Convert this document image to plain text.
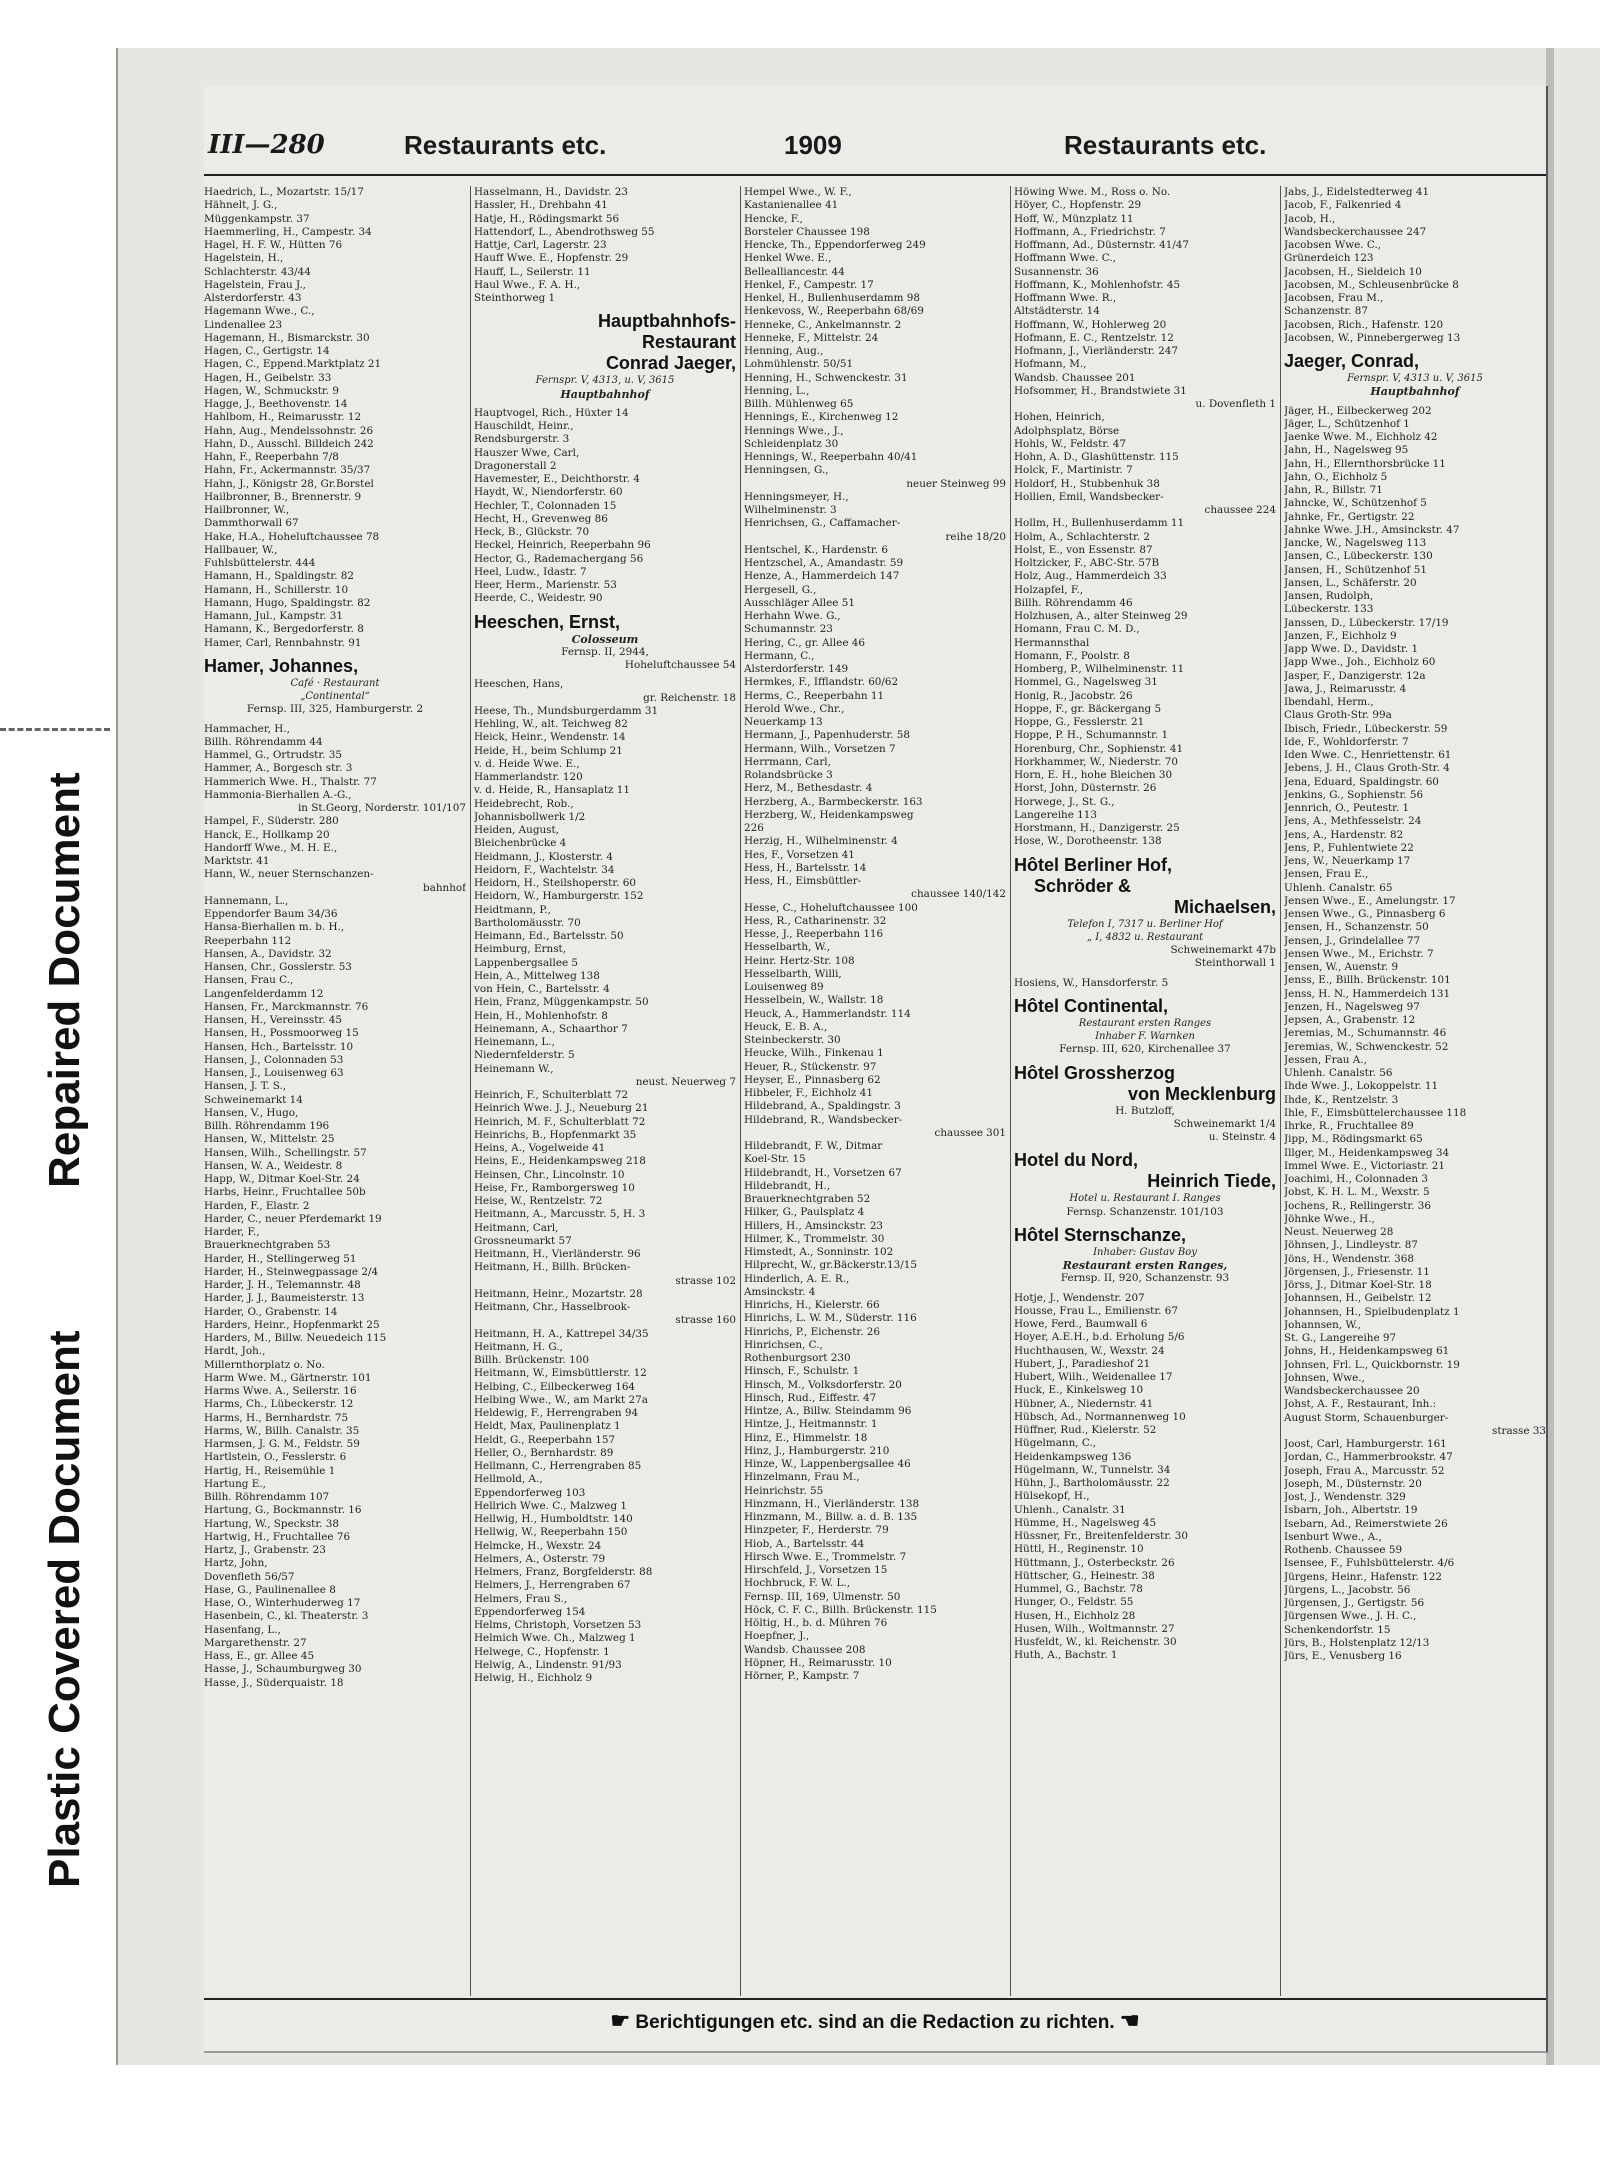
Repaired Document
Plastic Covered Document
III—280	Restaurants etc.	1909	Restaurants etc.
Haedrich, L., Mozartstr. 15/17
Hähnelt, J. G.,
Müggenkampstr. 37
Haemmerling, H., Campestr. 34
Hagel, H. F. W., Hütten 76
Hagelstein, H.,
Schlachterstr. 43/44
Hagelstein, Frau J.,
Alsterdorferstr. 43
Hagemann Wwe., C.,
Lindenallee 23
Hagemann, H., Bismarckstr. 30
Hagen, C., Gertigstr. 14
Hagen, C., Eppend.Marktplatz 21
Hagen, H., Geibelstr. 33
Hagen, W., Schmuckstr. 9
Hagge, J., Beethovenstr. 14
Hahlbom, H., Reimarusstr. 12
Hahn, Aug., Mendelssohnstr. 26
Hahn, D., Ausschl. Billdeich 242
Hahn, F., Reeperbahn 7/8
Hahn, Fr., Ackermannstr. 35/37
Hahn, J., Königstr 28, Gr.Borstel
Hailbronner, B., Brennerstr. 9
Hailbronner, W.,
Dammthorwall 67
Hake, H.A., Hoheluftchaussee 78
Hallbauer, W.,
Fuhlsbüttelerstr. 444
Hamann, H., Spaldingstr. 82
Hamann, H., Schillerstr. 10
Hamann, Hugo, Spaldingstr. 82
Hamann, Jul., Kampstr. 31
Hamann, K., Bergedorferstr. 8
Hamer, Carl, Rennbahnstr. 91
Hamer, Johannes,
Café · Restaurant
„Continental“
Fernsp. III, 325, Hamburgerstr. 2
Hammacher, H.,
Billh. Röhrendamm 44
Hammel, G., Ortrudstr. 35
Hammer, A., Borgesch str. 3
Hammerich Wwe. H., Thalstr. 77
Hammonia-Bierhallen A.-G.,
in St.Georg, Norderstr. 101/107
Hampel, F., Süderstr. 280
Hanck, E., Hollkamp 20
Handorff Wwe., M. H. E.,
Marktstr. 41
Hann, W., neuer Sternschanzen-
bahnhof
Hannemann, L.,
Eppendorfer Baum 34/36
Hansa-Bierhallen m. b. H.,
Reeperbahn 112
Hansen, A., Davidstr. 32
Hansen, Chr., Gosslerstr. 53
Hansen, Frau C.,
Langenfelderdamm 12
Hansen, Fr., Marckmannstr. 76
Hansen, H., Vereinsstr. 45
Hansen, H., Possmoorweg 15
Hansen, Hch., Bartelsstr. 10
Hansen, J., Colonnaden 53
Hansen, J., Louisenweg 63
Hansen, J. T. S.,
Schweinemarkt 14
Hansen, V., Hugo,
Billh. Röhrendamm 196
Hansen, W., Mittelstr. 25
Hansen, Wilh., Schellingstr. 57
Hansen, W. A., Weidestr. 8
Happ, W., Ditmar Koel-Str. 24
Harbs, Heinr., Fruchtallee 50b
Harden, F., Elastr. 2
Harder, C., neuer Pferdemarkt 19
Harder, F.,
Brauerknechtgraben 53
Harder, H., Stellingerweg 51
Harder, H., Steinwegpassage 2/4
Harder, J. H., Telemannstr. 48
Harder, J. J., Baumeisterstr. 13
Harder, O., Grabenstr. 14
Harders, Heinr., Hopfenmarkt 25
Harders, M., Billw. Neuedeich 115
Hardt, Joh.,
Millernthorplatz o. No.
Harm Wwe. M., Gärtnerstr. 101
Harms Wwe. A., Seilerstr. 16
Harms, Ch., Lübeckerstr. 12
Harms, H., Bernhardstr. 75
Harms, W., Billh. Canalstr. 35
Harmsen, J. G. M., Feldstr. 59
Hartlstein, O., Fesslerstr. 6
Hartig, H., Reisemühle 1
Hartung E.,
Billh. Röhrendamm 107
Hartung, G., Bockmannstr. 16
Hartung, W., Speckstr. 38
Hartwig, H., Fruchtallee 76
Hartz, J., Grabenstr. 23
Hartz, John,
Dovenfleth 56/57
Hase, G., Paulinenallee 8
Hase, O., Winterhuderweg 17
Hasenbein, C., kl. Theaterstr. 3
Hasenfang, L.,
Margarethenstr. 27
Hass, E., gr. Allee 45
Hasse, J., Schaumburgweg 30
Hasse, J., Süderquaistr. 18
Hasselmann, H., Davidstr. 23
Hassler, H., Drehbahn 41
Hatje, H., Rödingsmarkt 56
Hattendorf, L., Abendrothsweg 55
Hattje, Carl, Lagerstr. 23
Hauff Wwe. E., Hopfenstr. 29
Hauff, L., Seilerstr. 11
Haul Wwe., F. A. H.,
Steinthorweg 1
Hauptbahnhofs-
Restaurant
Conrad Jaeger,
Fernspr. V, 4313, u. V, 3615
Hauptbahnhof
Hauptvogel, Rich., Hüxter 14
Hauschildt, Heinr.,
Rendsburgerstr. 3
Hauszer Wwe, Carl,
Dragonerstall 2
Havemester, E., Deichthorstr. 4
Haydt, W., Niendorferstr. 60
Hechler, T., Colonnaden 15
Hecht, H., Grevenweg 86
Heck, B., Glückstr. 70
Heckel, Heinrich, Reeperbahn 96
Hector, G., Rademachergang 56
Heel, Ludw., Idastr. 7
Heer, Herm., Marienstr. 53
Heerde, C., Weidestr. 90
Heeschen, Ernst,
Colosseum
Fernsp. II, 2944,
Hoheluftchaussee 54
Heeschen, Hans,
gr. Reichenstr. 18
Heese, Th., Mundsburgerdamm 31
Hehling, W., alt. Teichweg 82
Heick, Heinr., Wendenstr. 14
Heide, H., beim Schlump 21
v. d. Heide Wwe. E.,
Hammerlandstr. 120
v. d. Heide, R., Hansaplatz 11
Heidebrecht, Rob.,
Johannisbollwerk 1/2
Heiden, August,
Bleichenbrücke 4
Heidmann, J., Klosterstr. 4
Heidorn, F., Wachtelstr. 34
Heidorn, H., Steilshoperstr. 60
Heidorn, W., Hamburgerstr. 152
Heidtmann, P.,
Bartholomäusstr. 70
Heimann, Ed., Bartelsstr. 50
Heimburg, Ernst,
Lappenbergsallee 5
Hein, A., Mittelweg 138
von Hein, C., Bartelsstr. 4
Hein, Franz, Müggenkampstr. 50
Hein, H., Mohlenhofstr. 8
Heinemann, A., Schaarthor 7
Heinemann, L.,
Niedernfelderstr. 5
Heinemann W.,
neust. Neuerweg 7
Heinrich, F., Schulterblatt 72
Heinrich Wwe. J. J., Neueburg 21
Heinrich, M. F., Schulterblatt 72
Heinrichs, B., Hopfenmarkt 35
Heins, A., Vogelweide 41
Heins, E., Heidenkampsweg 218
Heinsen, Chr., Lincolnstr. 10
Heise, Fr., Ramborgersweg 10
Heise, W., Rentzelstr. 72
Heitmann, A., Marcusstr. 5, H. 3
Heitmann, Carl,
Grossneumarkt 57
Heitmann, H., Vierländerstr. 96
Heitmann, H., Billh. Brücken-
strasse 102
Heitmann, Heinr., Mozartstr. 28
Heitmann, Chr., Hasselbrook-
strasse 160
Heitmann, H. A., Kattrepel 34/35
Heitmann, H. G.,
Billh. Brückenstr. 100
Heitmann, W., Eimsbüttlerstr. 12
Helbing, C., Eilbeckerweg 164
Helbing Wwe., W., am Markt 27a
Heldewig, F., Herrengraben 94
Heldt, Max, Paulinenplatz 1
Heldt, G., Reeperbahn 157
Heller, O., Bernhardstr. 89
Hellmann, C., Herrengraben 85
Hellmold, A.,
Eppendorferweg 103
Hellrich Wwe. C., Malzweg 1
Hellwig, H., Humboldtstr. 140
Hellwig, W., Reeperbahn 150
Helmcke, H., Wexstr. 24
Helmers, A., Osterstr. 79
Helmers, Franz, Borgfelderstr. 88
Helmers, J., Herrengraben 67
Helmers, Frau S.,
Eppendorferweg 154
Helms, Christoph, Vorsetzen 53
Helmich Wwe. Ch., Malzweg 1
Helwege, C., Hopfenstr. 1
Helwig, A., Lindenstr. 91/93
Helwig, H., Eichholz 9
Hempel Wwe., W. F.,
Kastanienallee 41
Hencke, F.,
Borsteler Chaussee 198
Hencke, Th., Eppendorferweg 249
Henkel Wwe. E.,
Bellealliancestr. 44
Henkel, F., Campestr. 17
Henkel, H., Bullenhuserdamm 98
Henkevoss, W., Reeperbahn 68/69
Henneke, C., Ankelmannstr. 2
Henneke, F., Mittelstr. 24
Henning, Aug.,
Lohmühlenstr. 50/51
Henning, H., Schwenckestr. 31
Henning, L.,
Billh. Mühlenweg 65
Hennings, E., Kirchenweg 12
Hennings Wwe., J.,
Schleidenplatz 30
Hennings, W., Reeperbahn 40/41
Henningsen, G.,
neuer Steinweg 99
Henningsmeyer, H.,
Wilhelminenstr. 3
Henrichsen, G., Caffamacher-
reihe 18/20
Hentschel, K., Hardenstr. 6
Hentzschel, A., Amandastr. 59
Henze, A., Hammerdeich 147
Hergesell, G.,
Ausschläger Allee 51
Herhahn Wwe. G.,
Schumannstr. 23
Hering, C., gr. Allee 46
Hermann, C.,
Alsterdorferstr. 149
Hermkes, F., Ifflandstr. 60/62
Herms, C., Reeperbahn 11
Herold Wwe., Chr.,
Neuerkamp 13
Hermann, J., Papenhuderstr. 58
Hermann, Wilh., Vorsetzen 7
Herrmann, Carl,
Rolandsbrücke 3
Herz, M., Bethesdastr. 4
Herzberg, A., Barmbeckerstr. 163
Herzberg, W., Heidenkampsweg
226
Herzig, H., Wilhelminenstr. 4
Hes, F., Vorsetzen 41
Hess, H., Bartelsstr. 14
Hess, H., Eimsbüttler-
chaussee 140/142
Hesse, C., Hoheluftchaussee 100
Hess, R., Catharinenstr. 32
Hesse, J., Reeperbahn 116
Hesselbarth, W.,
Heinr. Hertz-Str. 108
Hesselbarth, Willi,
Louisenweg 89
Hesselbein, W., Wallstr. 18
Heuck, A., Hammerlandstr. 114
Heuck, E. B. A.,
Steinbeckerstr. 30
Heucke, Wilh., Finkenau 1
Heuer, R., Stückenstr. 97
Heyser, E., Pinnasberg 62
Hibbeler, F., Eichholz 41
Hildebrand, A., Spaldingstr. 3
Hildebrand, R., Wandsbecker-
chaussee 301
Hildebrandt, F. W., Ditmar
Koel-Str. 15
Hildebrandt, H., Vorsetzen 67
Hildebrandt, H.,
Brauerknechtgraben 52
Hilker, G., Paulsplatz 4
Hillers, H., Amsinckstr. 23
Hilmer, K., Trommelstr. 30
Himstedt, A., Sonninstr. 102
Hilprecht, W., gr.Bäckerstr.13/15
Hinderlich, A. E. R.,
Amsinckstr. 4
Hinrichs, H., Kielerstr. 66
Hinrichs, L. W. M., Süderstr. 116
Hinrichs, P., Eichenstr. 26
Hinrichsen, C.,
Rothenburgsort 230
Hinsch, F., Schulstr. 1
Hinsch, M., Volksdorferstr. 20
Hinsch, Rud., Eiffestr. 47
Hintze, A., Billw. Steindamm 96
Hintze, J., Heitmannstr. 1
Hinz, E., Himmelstr. 18
Hinz, J., Hamburgerstr. 210
Hinze, W., Lappenbergsallee 46
Hinzelmann, Frau M.,
Heinrichstr. 55
Hinzmann, H., Vierländerstr. 138
Hinzmann, M., Billw. a. d. B. 135
Hinzpeter, F., Herderstr. 79
Hiob, A., Bartelsstr. 44
Hirsch Wwe. E., Trommelstr. 7
Hirschfeld, J., Vorsetzen 15
Hochbruck, F. W. L.,
Fernsp. III, 169, Ulmenstr. 50
Höck, C. F. C., Billh. Brückenstr. 115
Höltig, H., b. d. Mühren 76
Hoepfner, J.,
Wandsb. Chaussee 208
Höpner, H., Reimarusstr. 10
Hörner, P., Kampstr. 7
Höwing Wwe. M., Ross o. No.
Höyer, C., Hopfenstr. 29
Hoff, W., Münzplatz 11
Hoffmann, A., Friedrichstr. 7
Hoffmann, Ad., Düsternstr. 41/47
Hoffmann Wwe. C.,
Susannenstr. 36
Hoffmann, K., Mohlenhofstr. 45
Hoffmann Wwe. R.,
Altstädterstr. 14
Hoffmann, W., Hohlerweg 20
Hofmann, E. C., Rentzelstr. 12
Hofmann, J., Vierländerstr. 247
Hofmann, M.,
Wandsb. Chaussee 201
Hofsommer, H., Brandstwiete 31
u. Dovenfleth 1
Hohen, Heinrich,
Adolphsplatz, Börse
Hohls, W., Feldstr. 47
Hohn, A. D., Glashüttenstr. 115
Holck, F., Martinistr. 7
Holdorf, H., Stubbenhuk 38
Hollien, Emil, Wandsbecker-
chaussee 224
Hollm, H., Bullenhuserdamm 11
Holm, A., Schlachterstr. 2
Holst, E., von Essenstr. 87
Holtzicker, F., ABC-Str. 57B
Holz, Aug., Hammerdeich 33
Holzapfel, F.,
Billh. Röhrendamm 46
Holzhusen, A., alter Steinweg 29
Homann, Frau C. M. D.,
Hermannsthal
Homann, F., Poolstr. 8
Homberg, P., Wilhelminenstr. 11
Hommel, G., Nagelsweg 31
Honig, R., Jacobstr. 26
Hoppe, F., gr. Bäckergang 5
Hoppe, G., Fesslerstr. 21
Hoppe, P. H., Schumannstr. 1
Horenburg, Chr., Sophienstr. 41
Horkhammer, W., Niederstr. 70
Horn, E. H., hohe Bleichen 30
Horst, John, Düsternstr. 26
Horwege, J., St. G.,
Langereihe 113
Horstmann, H., Danzigerstr. 25
Hose, W., Dorotheenstr. 138
Hôtel Berliner Hof,
Schröder &
Michaelsen,
Telefon I, 7317 u. Berliner Hof
„ I, 4832 u. Restaurant
Schweinemarkt 47b
Steinthorwall 1
Hosiens, W., Hansdorferstr. 5
Hôtel Continental,
Restaurant ersten Ranges
Inhaber F. Warnken
Fernsp. III, 620, Kirchenallee 37
Hôtel Grossherzog
von Mecklenburg
H. Butzloff,
Schweinemarkt 1/4
u. Steinstr. 4
Hotel du Nord,
Heinrich Tiede,
Hotel u. Restaurant I. Ranges
Fernsp. Schanzenstr. 101/103
Hôtel Sternschanze,
Inhaber: Gustav Boy
Restaurant ersten Ranges,
Fernsp. II, 920, Schanzenstr. 93
Hotje, J., Wendenstr. 207
Housse, Frau L., Emilienstr. 67
Howe, Ferd., Baumwall 6
Hoyer, A.E.H., b.d. Erholung 5/6
Huchthausen, W., Wexstr. 24
Hubert, J., Paradieshof 21
Hubert, Wilh., Weidenallee 17
Huck, E., Kinkelsweg 10
Hübner, A., Niedernstr. 41
Hübsch, Ad., Normannenweg 10
Hüffner, Rud., Kielerstr. 52
Hügelmann, C.,
Heidenkampsweg 136
Hügelmann, W., Tunnelstr. 34
Hühn, J., Bartholomäusstr. 22
Hülsekopf, H.,
Uhlenh., Canalstr. 31
Hümme, H., Nagelsweg 45
Hüssner, Fr., Breitenfelderstr. 30
Hüttl, H., Reginenstr. 10
Hüttmann, J., Osterbeckstr. 26
Hüttscher, G., Heinestr. 38
Hummel, G., Bachstr. 78
Hunger, O., Feldstr. 55
Husen, H., Eichholz 28
Husen, Wilh., Woltmannstr. 27
Husfeldt, W., kl. Reichenstr. 30
Huth, A., Bachstr. 1
Jabs, J., Eidelstedterweg 41
Jacob, F., Falkenried 4
Jacob, H.,
Wandsbeckerchaussee 247
Jacobsen Wwe. C.,
Grünerdeich 123
Jacobsen, H., Sieldeich 10
Jacobsen, M., Schleusenbrücke 8
Jacobsen, Frau M.,
Schanzenstr. 87
Jacobsen, Rich., Hafenstr. 120
Jacobsen, W., Pinnebergerweg 13
Jaeger, Conrad,
Fernspr. V, 4313 u. V, 3615
Hauptbahnhof
Jäger, H., Eilbeckerweg 202
Jäger, L., Schützenhof 1
Jaenke Wwe. M., Eichholz 42
Jahn, H., Nagelsweg 95
Jahn, H., Ellernthorsbrücke 11
Jahn, O., Eichholz 5
Jahn, R., Billstr. 71
Jahncke, W., Schützenhof 5
Jahnke, Fr., Gertigstr. 22
Jahnke Wwe. J.H., Amsinckstr. 47
Jancke, W., Nagelsweg 113
Jansen, C., Lübeckerstr. 130
Jansen, H., Schützenhof 51
Jansen, L., Schäferstr. 20
Jansen, Rudolph,
Lübeckerstr. 133
Janssen, D., Lübeckerstr. 17/19
Janzen, F., Eichholz 9
Japp Wwe. D., Davidstr. 1
Japp Wwe., Joh., Eichholz 60
Jasper, F., Danzigerstr. 12a
Jawa, J., Reimarusstr. 4
Ibendahl, Herm.,
Claus Groth-Str. 99a
Ibisch, Friedr., Lübeckerstr. 59
Ide, F., Wohldorferstr. 7
Iden Wwe. C., Henriettenstr. 61
Jebens, J. H., Claus Groth-Str. 4
Jena, Eduard, Spaldingstr. 60
Jenkins, G., Sophienstr. 56
Jennrich, O., Peutestr. 1
Jens, A., Methfesselstr. 24
Jens, A., Hardenstr. 82
Jens, P., Fuhlentwiete 22
Jens, W., Neuerkamp 17
Jensen, Frau E.,
Uhlenh. Canalstr. 65
Jensen Wwe., E., Amelungstr. 17
Jensen Wwe., G., Pinnasberg 6
Jensen, H., Schanzenstr. 50
Jensen, J., Grindelallee 77
Jensen Wwe., M., Erichstr. 7
Jensen, W., Auenstr. 9
Jenss, E., Billh. Brückenstr. 101
Jenss, H. N., Hammerdeich 131
Jenzen, H., Nagelsweg 97
Jepsen, A., Grabenstr. 12
Jeremias, M., Schumannstr. 46
Jeremias, W., Schwenckestr. 52
Jessen, Frau A.,
Uhlenh. Canalstr. 56
Ihde Wwe. J., Lokoppelstr. 11
Ihde, K., Rentzelstr. 3
Ihle, F., Eimsbüttelerchaussee 118
Ihrke, R., Fruchtallee 89
Jipp, M., Rödingsmarkt 65
Illger, M., Heidenkampsweg 34
Immel Wwe. E., Victoriastr. 21
Joachimi, H., Colonnaden 3
Jobst, K. H. L. M., Wexstr. 5
Jochens, R., Rellingerstr. 36
Jöhnke Wwe., H.,
Neust. Neuerweg 28
Jöhnsen, J., Lindleystr. 87
Jöns, H., Wendenstr. 368
Jörgensen, J., Friesenstr. 11
Jörss, J., Ditmar Koel-Str. 18
Johannsen, H., Geibelstr. 12
Johannsen, H., Spielbudenplatz 1
Johannsen, W.,
St. G., Langereihe 97
Johns, H., Heidenkampsweg 61
Johnsen, Frl. L., Quickbornstr. 19
Johnsen, Wwe.,
Wandsbeckerchaussee 20
Johst, A. F., Restaurant, Inh.:
August Storm, Schauenburger-
strasse 33
Joost, Carl, Hamburgerstr. 161
Jordan, C., Hammerbrookstr. 47
Joseph, Frau A., Marcusstr. 52
Joseph, M., Düsternstr. 20
Jost, J., Wendenstr. 329
Isbarn, Joh., Albertstr. 19
Isebarn, Ad., Reimerstwiete 26
Isenburt Wwe., A.,
Rothenb. Chaussee 59
Isensee, F., Fuhlsbüttelerstr. 4/6
Jürgens, Heinr., Hafenstr. 122
Jürgens, L., Jacobstr. 56
Jürgensen, J., Gertigstr. 56
Jürgensen Wwe., J. H. C.,
Schenkendorfstr. 15
Jürs, B., Holstenplatz 12/13
Jürs, E., Venusberg 16
☛ Berichtigungen etc. sind an die Redaction zu richten. ☚
